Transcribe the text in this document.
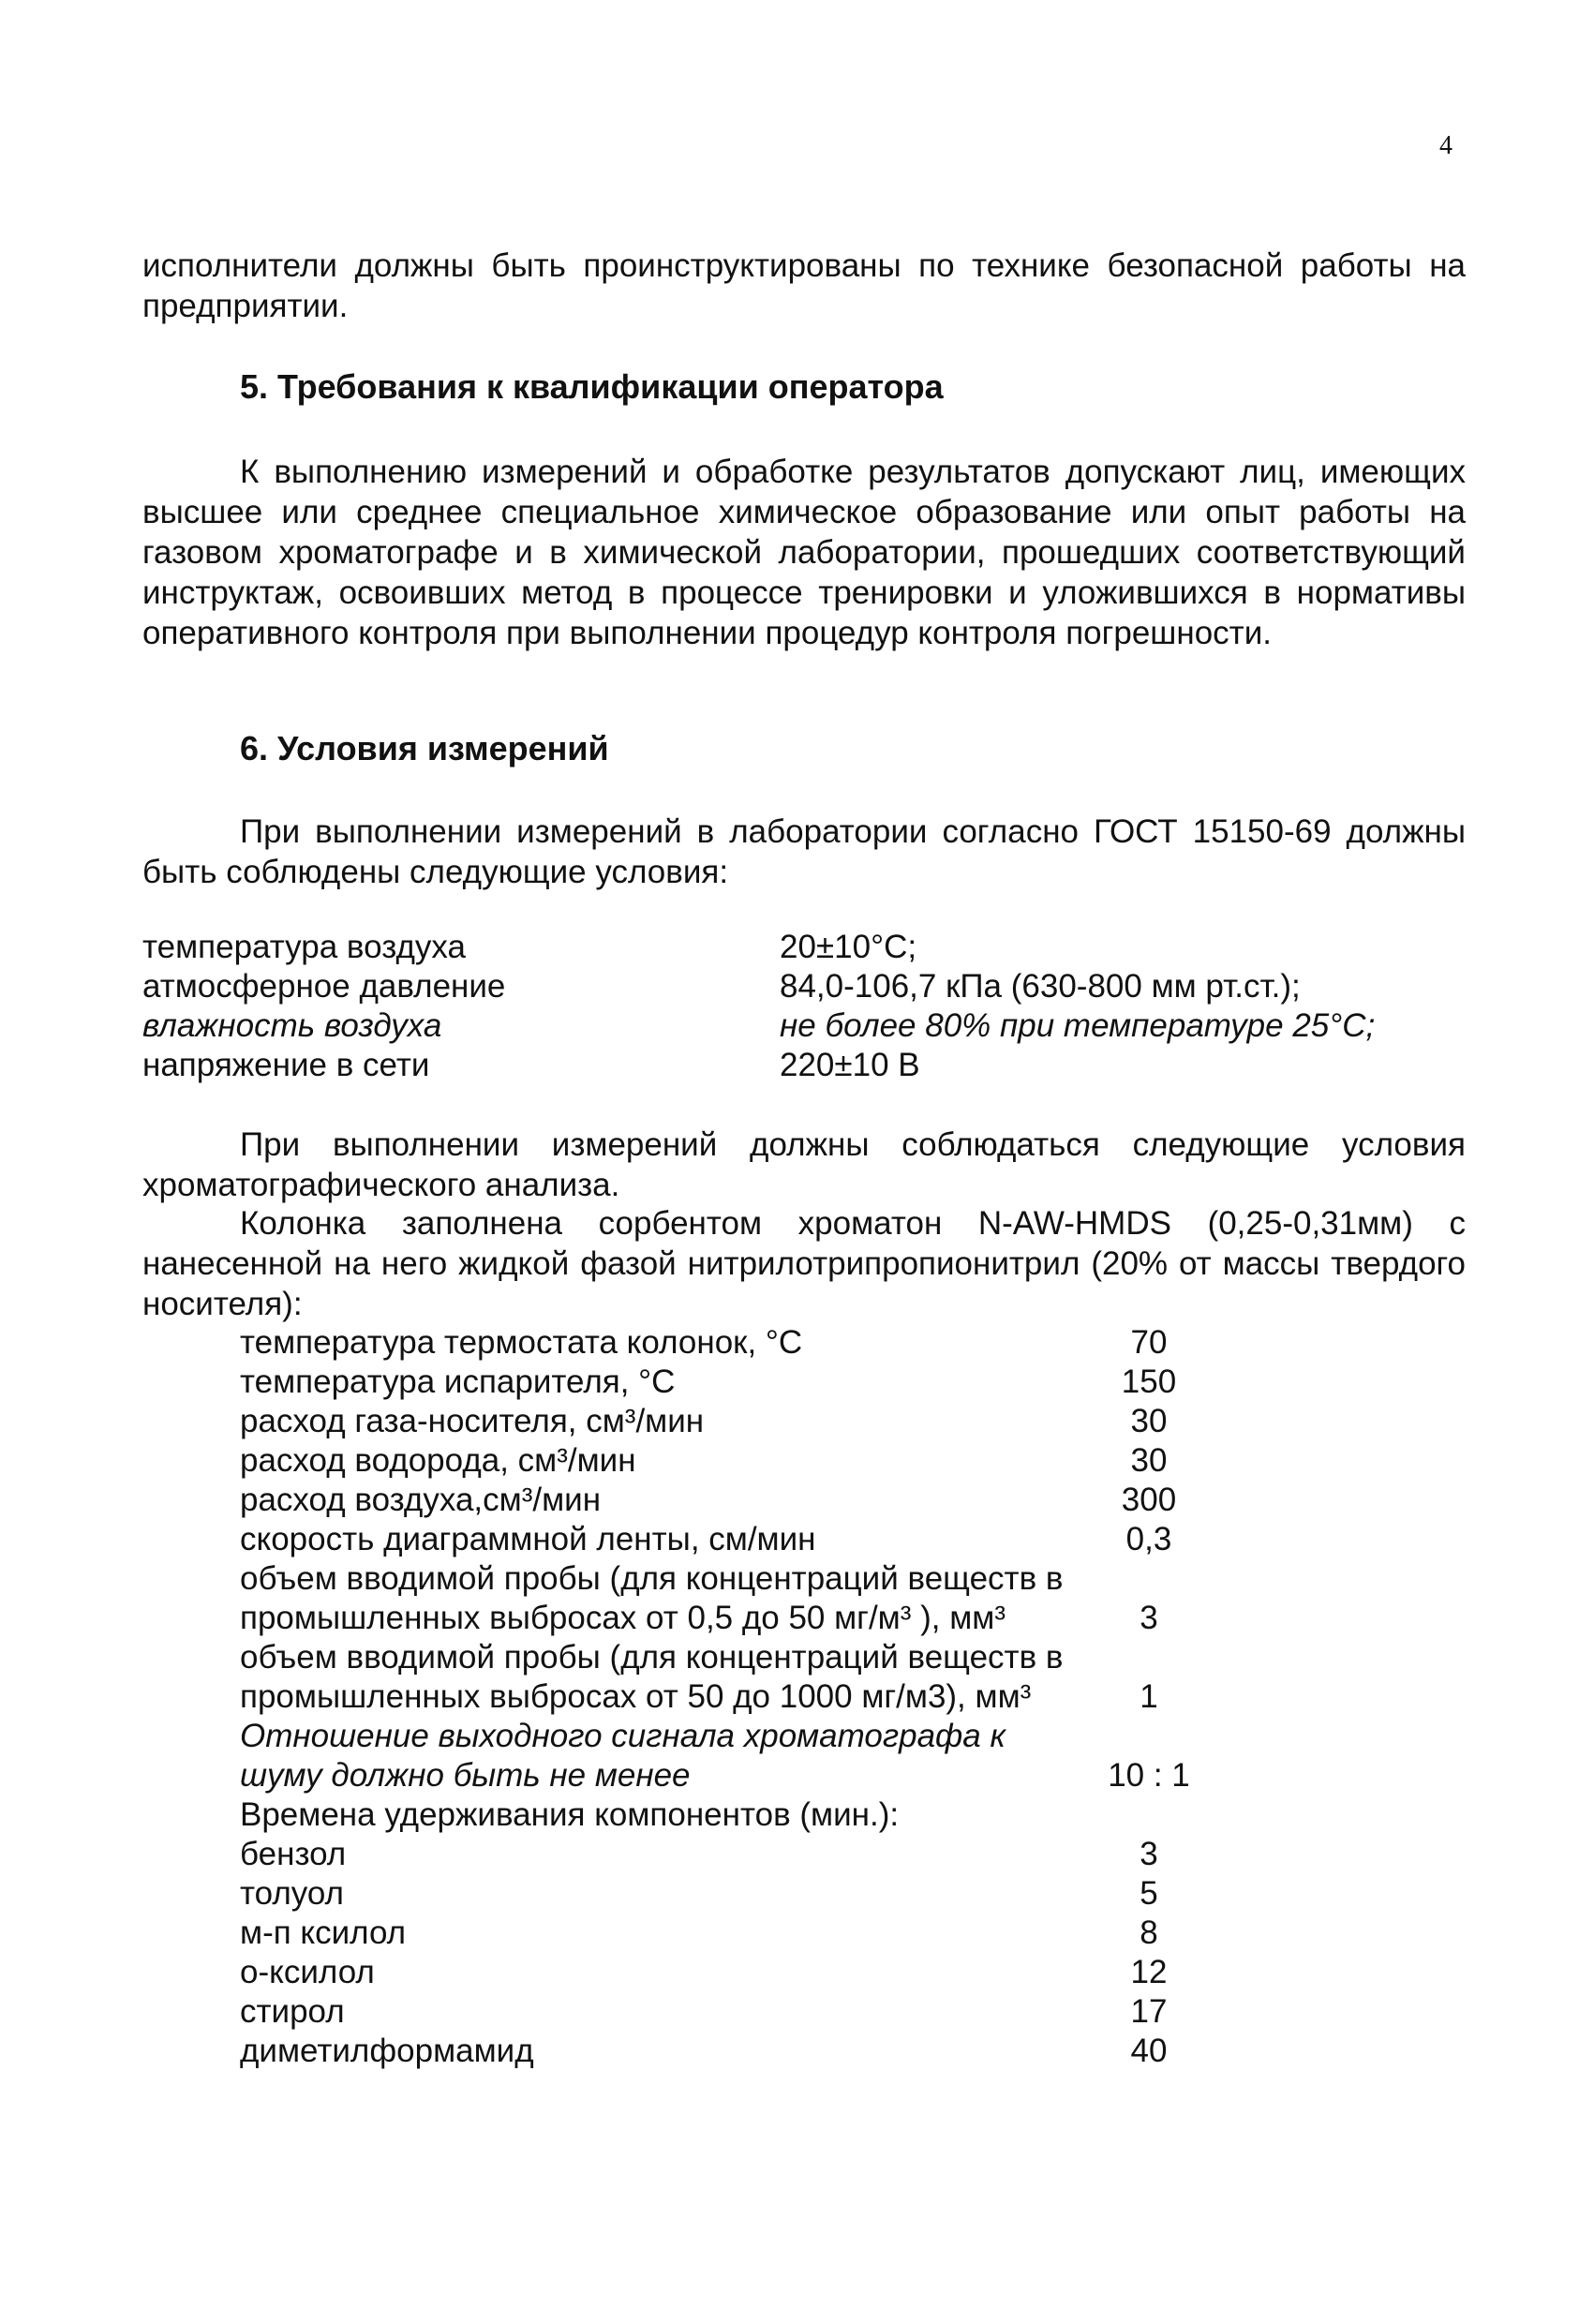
4
исполнители должны быть проинструктированы по технике безопасной работы на предприятии.
5. Требования к квалификации оператора
К выполнению измерений и обработке результатов допускают лиц, имеющих высшее или среднее специальное химическое образование или опыт работы на газовом хроматографе и в химической лаборатории, прошедших соответствующий инструктаж, освоивших метод в процессе тренировки и уложившихся в нормативы оперативного контроля при выполнении процедур контроля погрешности.
6. Условия измерений
При выполнении измерений в лаборатории согласно ГОСТ 15150-69 должны быть соблюдены следующие условия:
температура воздуха	20±10°С;
атмосферное давление	84,0-106,7 кПа (630-800 мм рт.ст.);
влажность воздуха	не более 80% при температуре 25°С;
напряжение в сети	220±10 В
При выполнении измерений должны соблюдаться следующие условия хроматографического анализа.
Колонка заполнена сорбентом хроматон N-AW-HMDS (0,25-0,31мм) с нанесенной на него жидкой фазой нитрилотрипропионитрил (20% от массы твердого носителя):
температура термостата колонок, °С	70
температура испарителя, °С	150
расход газа-носителя, см³/мин	30
расход водорода, см³/мин	30
расход воздуха,см³/мин	300
скорость диаграммной ленты, см/мин	0,3
объем вводимой пробы (для концентраций веществ в промышленных выбросах от 0,5 до 50 мг/м³ ), мм³	3
объем вводимой пробы (для концентраций веществ в промышленных выбросах от 50 до 1000 мг/м3), мм³	1
Отношение выходного сигнала хроматографа к шуму должно быть не менее	10 : 1
Времена удерживания компонентов (мин.):
бензол	3
толуол	5
м-п ксилол	8
о-ксилол	12
стирол	17
диметилформамид	40
